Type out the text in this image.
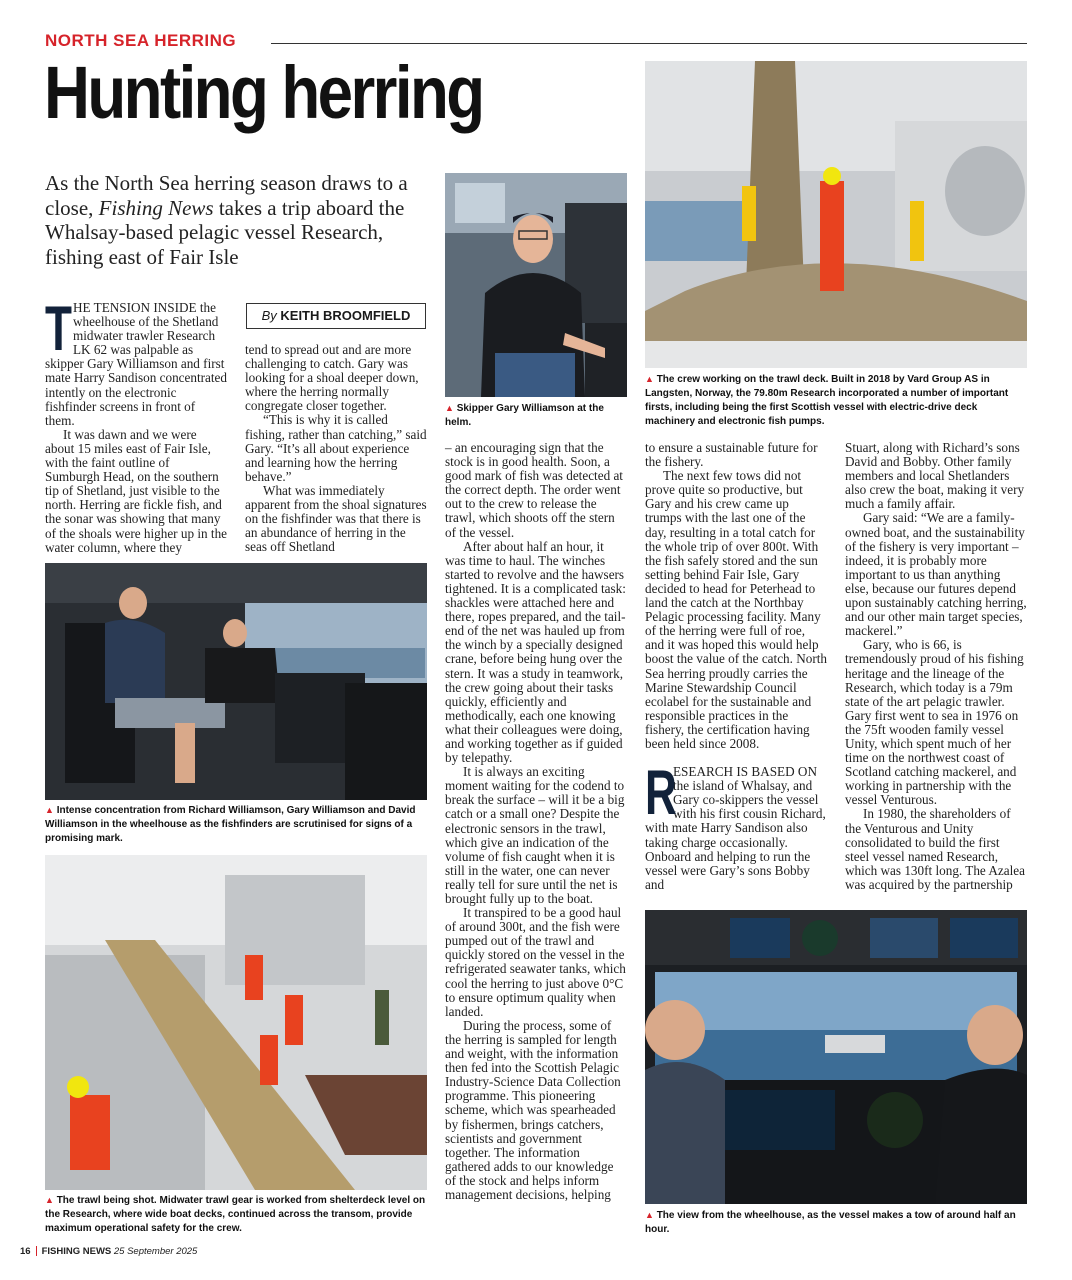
NORTH SEA HERRING
Hunting herring
As the North Sea herring season draws to a close, Fishing News takes a trip aboard the Whalsay-based pelagic vessel Research, fishing east of Fair Isle

THE TENSION INSIDE the wheelhouse of the Shetland midwater trawler Research LK 62 was palpable as skipper Gary Williamson and first mate Harry Sandison concentrated intently on the electronic fishfinder screens in front of them.

It was dawn and we were about 15 miles east of Fair Isle, with the faint outline of Sumburgh Head, on the southern tip of Shetland, just visible to the north. Herring are fickle fish, and the sonar was showing that many of the shoals were higher up in the water column, where they

By KEITH BROOMFIELD

tend to spread out and are more challenging to catch. Gary was looking for a shoal deeper down, where the herring normally congregate closer together.

“This is why it is called fishing, rather than catching,” said Gary. “It’s all about experience and learning how the herring behave.”

What was immediately apparent from the shoal signatures on the fishfinder was that there is an abundance of herring in the seas off Shetland

▲ Skipper Gary Williamson at the helm.

– an encouraging sign that the stock is in good health. Soon, a good mark of fish was detected at the correct depth. The order went out to the crew to release the trawl, which shoots off the stern of the vessel.

After about half an hour, it was time to haul. The winches started to revolve and the hawsers tightened. It is a complicated task: shackles were attached here and there, ropes prepared, and the tail-end of the net was hauled up from the winch by a specially designed crane, before being hung over the stern. It was a study in teamwork, the crew going about their tasks quickly, efficiently and methodically, each one knowing what their colleagues were doing, and working together as if guided by telepathy.

It is always an exciting moment waiting for the codend to break the surface – will it be a big catch or a small one? Despite the electronic sensors in the trawl, which give an indication of the volume of fish caught when it is still in the water, one can never really tell for sure until the net is brought fully up to the boat.

It transpired to be a good haul of around 300t, and the fish were pumped out of the trawl and quickly stored on the vessel in the refrigerated seawater tanks, which cool the herring to just above 0°C to ensure optimum quality when landed.

During the process, some of the herring is sampled for length and weight, with the information then fed into the Scottish Pelagic Industry-Science Data Collection programme. This pioneering scheme, which was spearheaded by fishermen, brings catchers, scientists and government together. The information gathered adds to our knowledge of the stock and helps inform management decisions, helping

▲ The crew working on the trawl deck. Built in 2018 by Vard Group AS in Langsten, Norway, the 79.80m Research incorporated a number of important firsts, including being the first Scottish vessel with electric-drive deck machinery and electronic fish pumps.

to ensure a sustainable future for the fishery.

The next few tows did not prove quite so productive, but Gary and his crew came up trumps with the last one of the day, resulting in a total catch for the whole trip of over 800t. With the fish safely stored and the sun setting behind Fair Isle, Gary decided to head for Peterhead to land the catch at the Northbay Pelagic processing facility. Many of the herring were full of roe, and it was hoped this would help boost the value of the catch. North Sea herring proudly carries the Marine Stewardship Council ecolabel for the sustainable and responsible practices in the fishery, the certification having been held since 2008.

R
ESEARCH IS BASED ON the island of Whalsay, and Gary co-skippers the vessel with his first cousin Richard, with mate Harry Sandison also taking charge occasionally. Onboard and helping to run the vessel were Gary’s sons Bobby and

Stuart, along with Richard’s sons David and Bobby. Other family members and local Shetlanders also crew the boat, making it very much a family affair.

Gary said: “We are a family-owned boat, and the sustainability of the fishery is very important – indeed, it is probably more important to us than anything else, because our futures depend upon sustainably catching herring, and our other main target species, mackerel.”

Gary, who is 66, is tremendously proud of his fishing heritage and the lineage of the Research, which today is a 79m state of the art pelagic trawler. Gary first went to sea in 1976 on the 75ft wooden family vessel Unity, which spent much of her time on the northwest coast of Scotland catching mackerel, and working in partnership with the vessel Venturous.

In 1980, the shareholders of the Venturous and Unity consolidated to build the first steel vessel named Research, which was 130ft long. The Azalea was acquired by the partnership

▲ Intense concentration from Richard Williamson, Gary Williamson and David Williamson in the wheelhouse as the fishfinders are scrutinised for signs of a promising mark.
▲ The trawl being shot. Midwater trawl gear is worked from shelterdeck level on the Research, where wide boat decks, continued across the transom, provide maximum operational safety for the crew.
▲ The view from the wheelhouse, as the vessel makes a tow of around half an hour.
16 FISHING NEWS 25 September 2025
